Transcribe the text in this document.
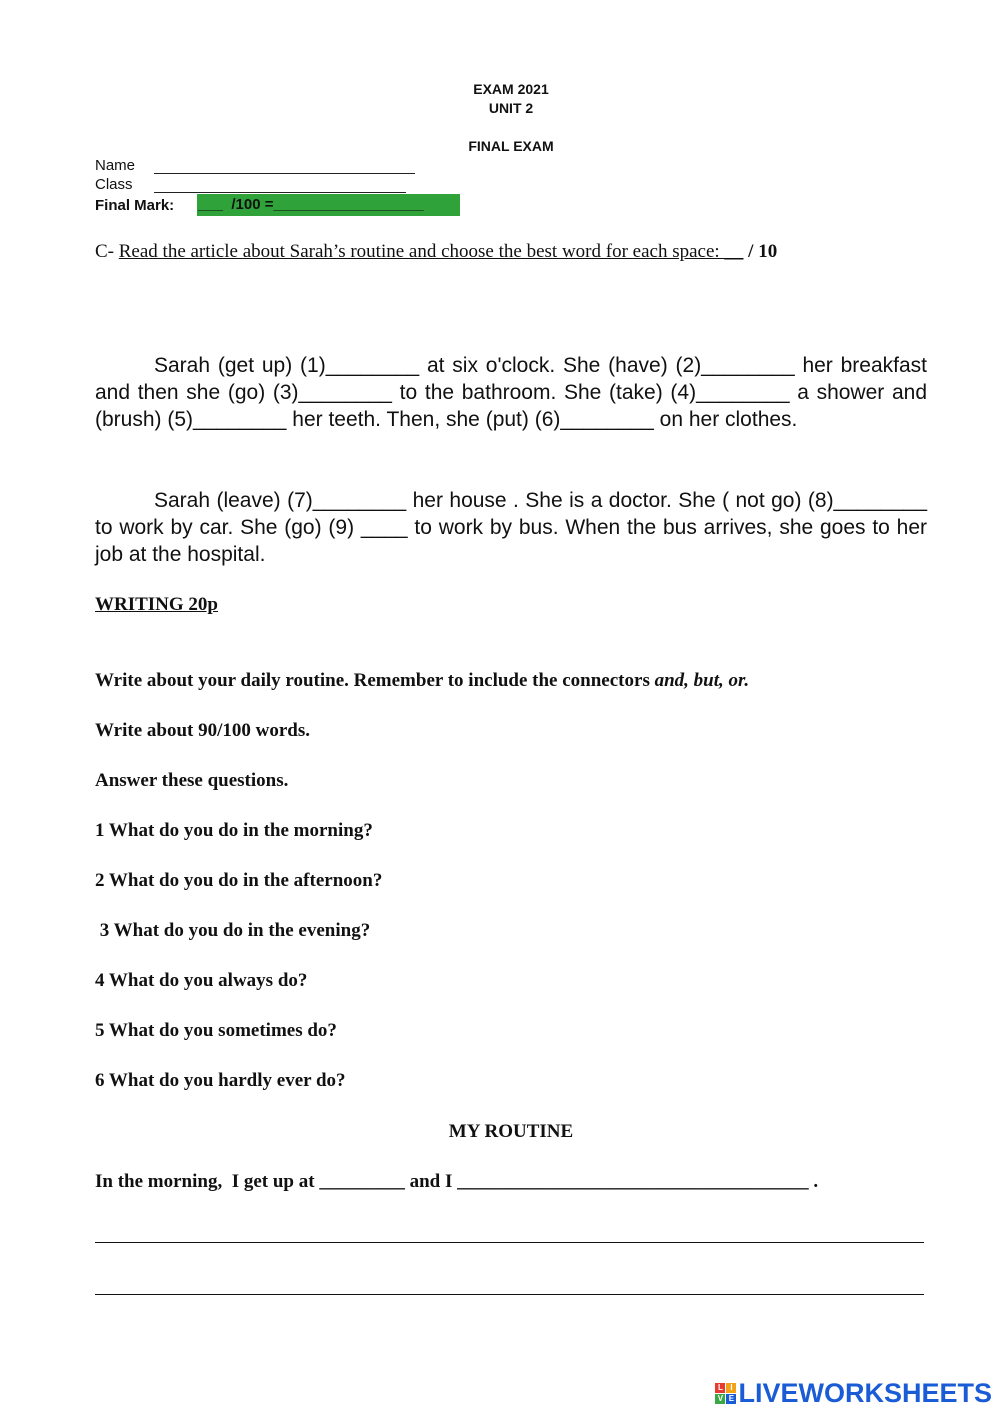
EXAM 2021
UNIT 2
FINAL EXAM
Name
Class
Final Mark: ___  /100 =__________________
C- Read the article about Sarah’s routine and choose the best word for each space: __ / 10
Sarah (get up) (1)________ at six o'clock. She (have) (2)________ her breakfast and then she (go) (3)________ to the bathroom. She (take) (4)________ a shower and (brush) (5)________ her teeth. Then, she (put) (6)________ on her clothes.
Sarah (leave) (7)________ her house . She is a doctor. She ( not go) (8)________ to work by car. She (go) (9) ____ to work by bus. When the bus arrives, she goes to her job at the hospital.
WRITING 20p
Write about your daily routine. Remember to include the connectors and, but, or.
Write about 90/100 words.
Answer these questions.
1 What do you do in the morning?
2 What do you do in the afternoon?
3 What do you do in the evening?
4 What do you always do?
5 What do you sometimes do?
6 What do you hardly ever do?
MY ROUTINE
In the morning,  I get up at _________ and I _____________________________________ .
L I
V E LIVEWORKSHEETS
